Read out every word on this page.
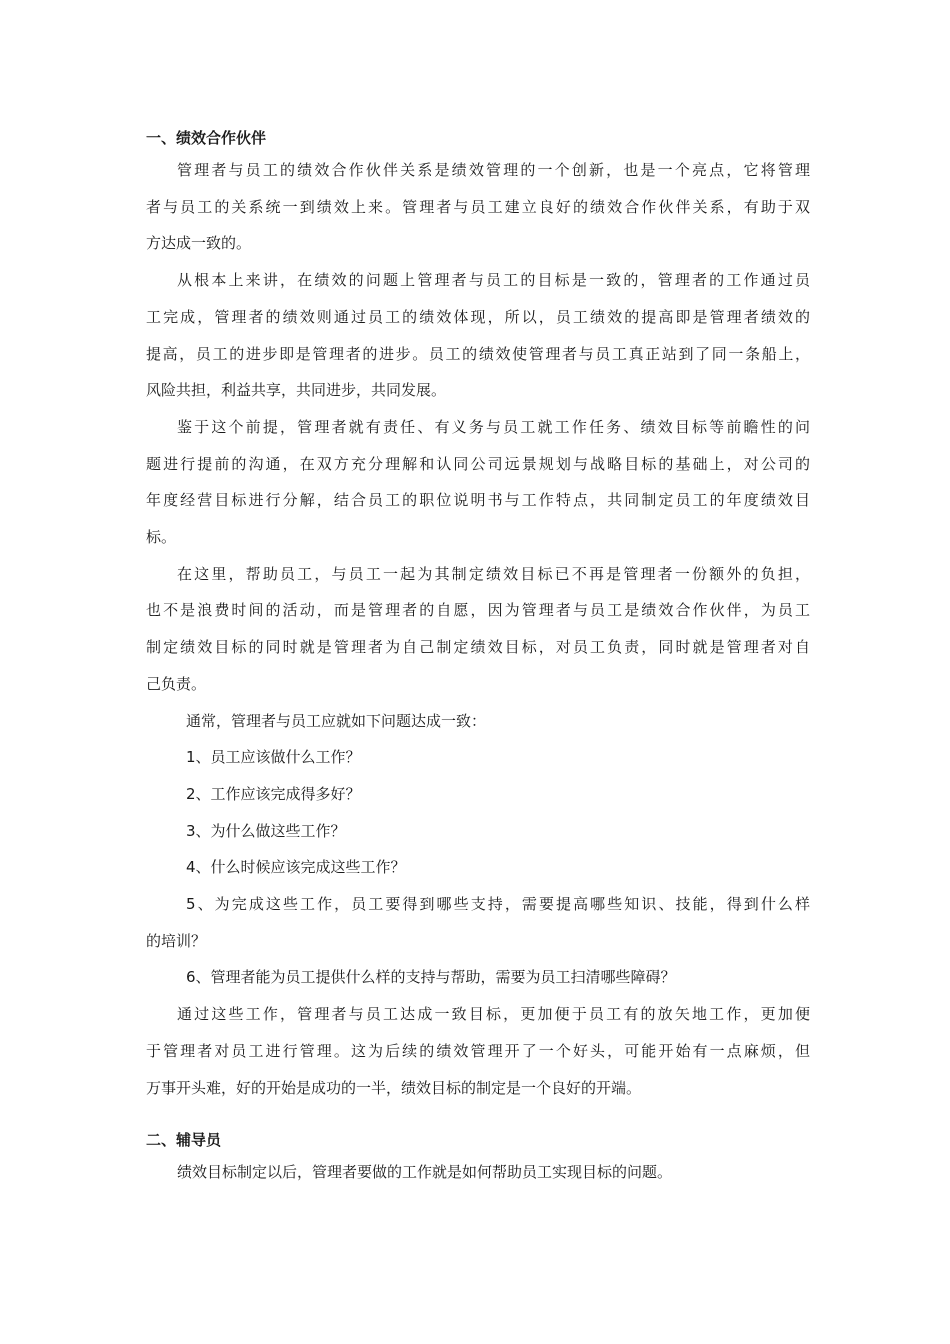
一、绩效合作伙伴
管理者与员工的绩效合作伙伴关系是绩效管理的一个创新，也是一个亮点，它将管理
者与员工的关系统一到绩效上来。管理者与员工建立良好的绩效合作伙伴关系，有助于双
方达成一致的。
从根本上来讲，在绩效的问题上管理者与员工的目标是一致的，管理者的工作通过员
工完成，管理者的绩效则通过员工的绩效体现，所以，员工绩效的提高即是管理者绩效的
提高，员工的进步即是管理者的进步。员工的绩效使管理者与员工真正站到了同一条船上，
风险共担，利益共享，共同进步，共同发展。
鉴于这个前提，管理者就有责任、有义务与员工就工作任务、绩效目标等前瞻性的问
题进行提前的沟通，在双方充分理解和认同公司远景规划与战略目标的基础上，对公司的
年度经营目标进行分解，结合员工的职位说明书与工作特点，共同制定员工的年度绩效目
标。
在这里，帮助员工，与员工一起为其制定绩效目标已不再是管理者一份额外的负担，
也不是浪费时间的活动，而是管理者的自愿，因为管理者与员工是绩效合作伙伴，为员工
制定绩效目标的同时就是管理者为自己制定绩效目标，对员工负责，同时就是管理者对自
己负责。
通常，管理者与员工应就如下问题达成一致：
1、员工应该做什么工作？
2、工作应该完成得多好？
3、为什么做这些工作？
4、什么时候应该完成这些工作？
5、为完成这些工作，员工要得到哪些支持，需要提高哪些知识、技能，得到什么样
的培训？
6、管理者能为员工提供什么样的支持与帮助，需要为员工扫清哪些障碍？
通过这些工作，管理者与员工达成一致目标，更加便于员工有的放矢地工作，更加便
于管理者对员工进行管理。这为后续的绩效管理开了一个好头，可能开始有一点麻烦，但
万事开头难，好的开始是成功的一半，绩效目标的制定是一个良好的开端。
二、辅导员
绩效目标制定以后，管理者要做的工作就是如何帮助员工实现目标的问题。
